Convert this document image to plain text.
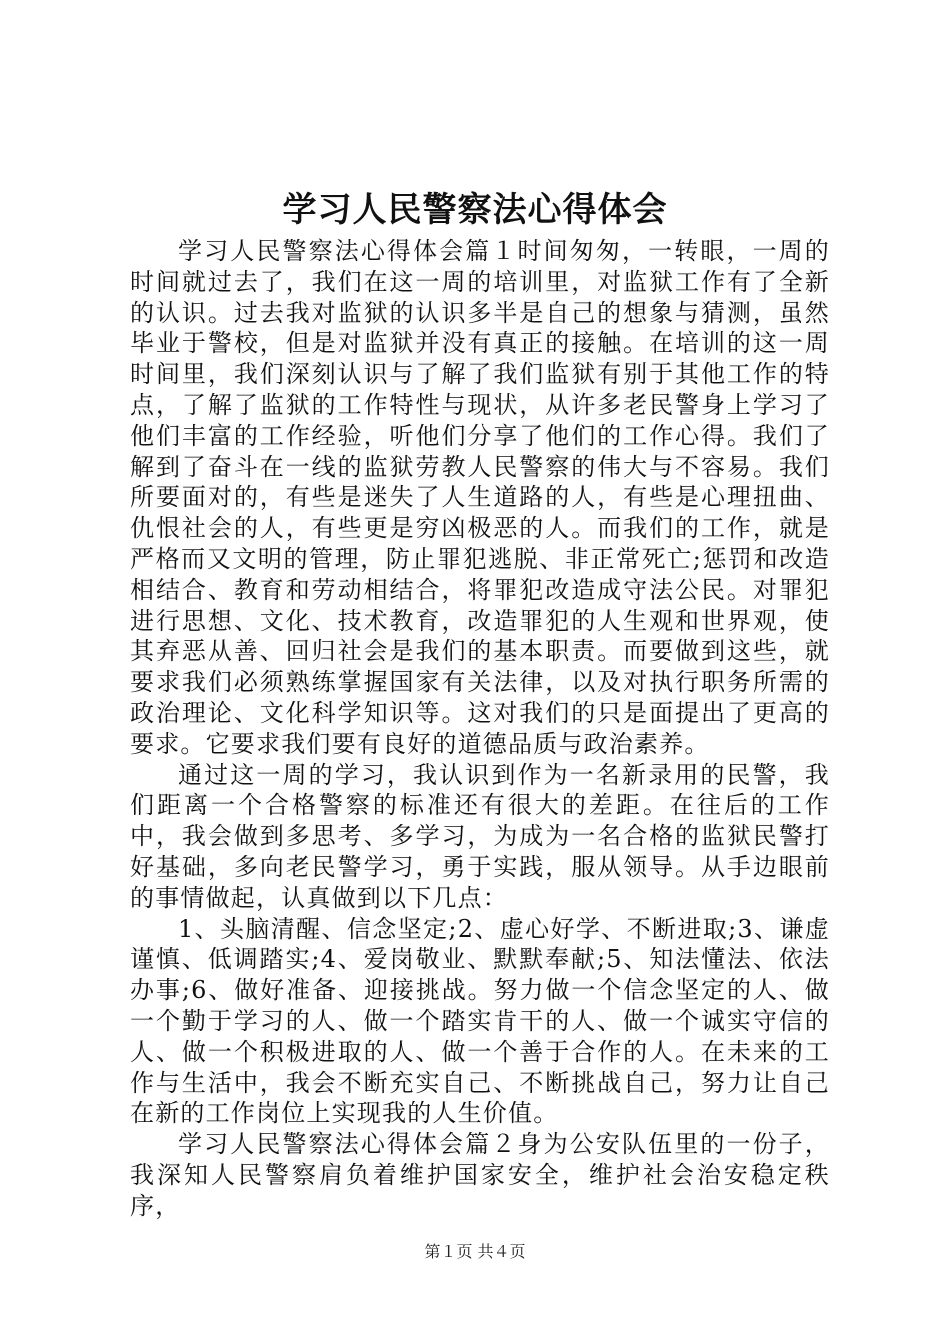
学习人民警察法心得体会

学习人民警察法心得体会篇１时间匆匆，一转眼，一周的时间就过去了，我们在这一周的培训里，对监狱工作有了全新的认识。过去我对监狱的认识多半是自己的想象与猜测，虽然毕业于警校，但是对监狱并没有真正的接触。在培训的这一周时间里，我们深刻认识与了解了我们监狱有别于其他工作的特点，了解了监狱的工作特性与现状，从许多老民警身上学习了他们丰富的工作经验，听他们分享了他们的工作心得。我们了解到了奋斗在一线的监狱劳教人民警察的伟大与不容易。我们所要面对的，有些是迷失了人生道路的人，有些是心理扭曲、仇恨社会的人，有些更是穷凶极恶的人。而我们的工作，就是严格而又文明的管理，防止罪犯逃脱、非正常死亡;惩罚和改造相结合、教育和劳动相结合，将罪犯改造成守法公民。对罪犯进行思想、文化、技术教育，改造罪犯的人生观和世界观，使其弃恶从善、回归社会是我们的基本职责。而要做到这些，就要求我们必须熟练掌握国家有关法律，以及对执行职务所需的政治理论、文化科学知识等。这对我们的只是面提出了更高的要求。它要求我们要有良好的道德品质与政治素养。

通过这一周的学习，我认识到作为一名新录用的民警，我们距离一个合格警察的标准还有很大的差距。在往后的工作中，我会做到多思考、多学习，为成为一名合格的监狱民警打好基础，多向老民警学习，勇于实践，服从领导。从手边眼前的事情做起，认真做到以下几点：

1、头脑清醒、信念坚定;2、虚心好学、不断进取;3、谦虚谨慎、低调踏实;4、爱岗敬业、默默奉献;5、知法懂法、依法办事;6、做好准备、迎接挑战。努力做一个信念坚定的人、做一个勤于学习的人、做一个踏实肯干的人、做一个诚实守信的人、做一个积极进取的人、做一个善于合作的人。在未来的工作与生活中，我会不断充实自己、不断挑战自己，努力让自己在新的工作岗位上实现我的人生价值。

学习人民警察法心得体会篇２身为公安队伍里的一份子，我深知人民警察肩负着维护国家安全，维护社会治安稳定秩序，

第１页 共４页
